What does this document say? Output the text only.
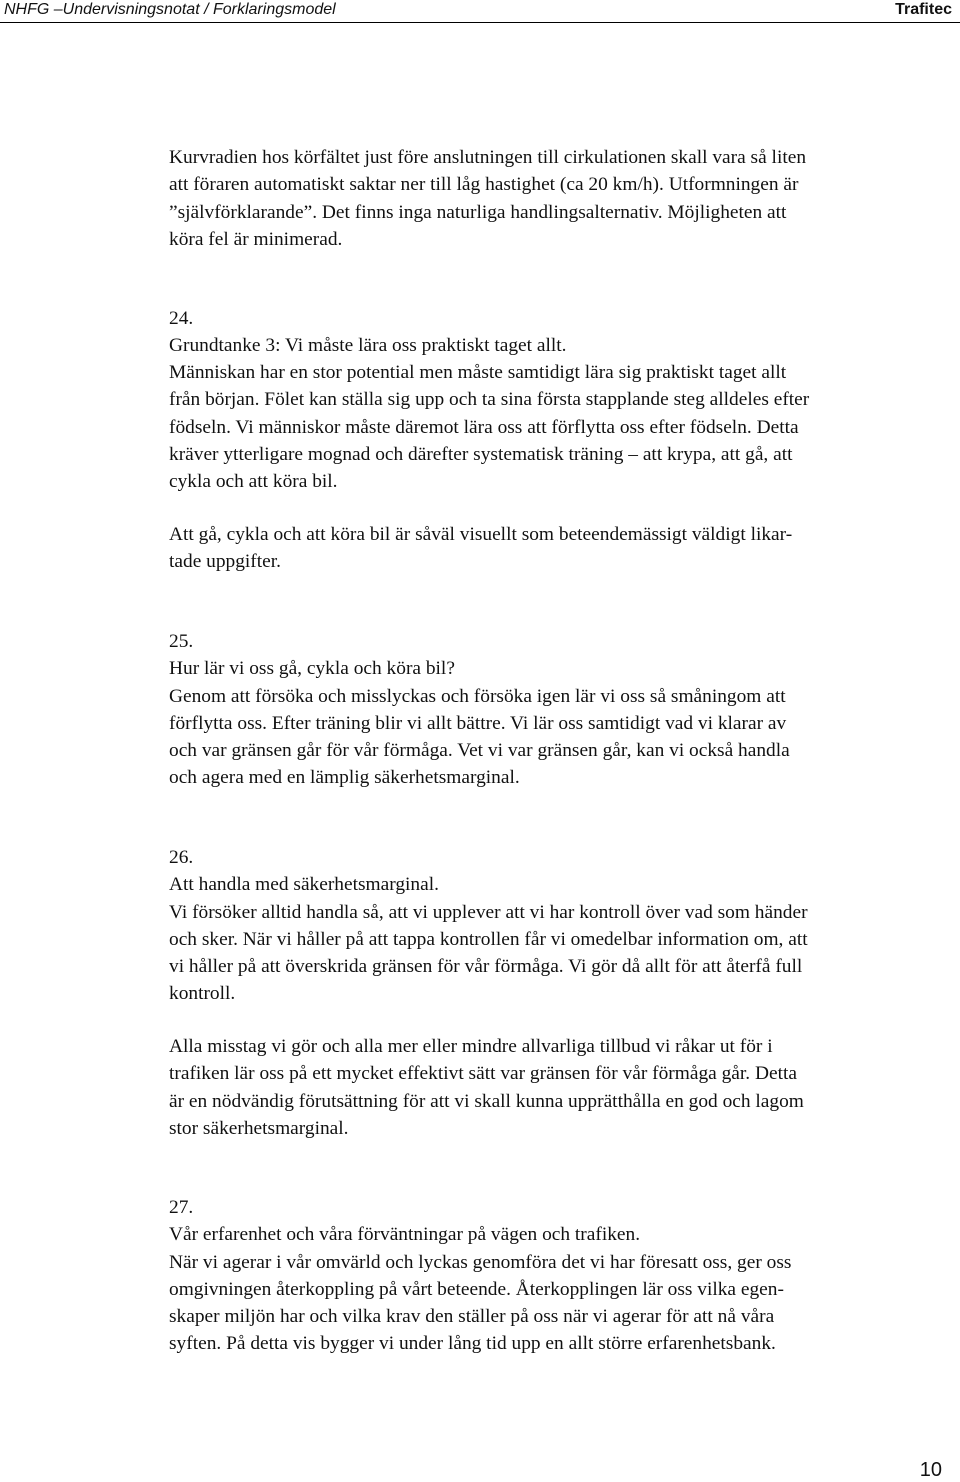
NHFG –Undervisningsnotat / Forklaringsmodel	Trafitec
Kurvradien hos körfältet just före anslutningen till cirkulationen skall vara så liten
att föraren automatiskt saktar ner till låg hastighet (ca 20 km/h). Utformningen är
”självförklarande”. Det finns inga naturliga handlingsalternativ. Möjligheten att
köra fel är minimerad.
24.
Grundtanke 3: Vi måste lära oss praktiskt taget allt.
Människan har en stor potential men måste samtidigt lära sig praktiskt taget allt
från början. Fölet kan ställa sig upp och ta sina första stapplande steg alldeles efter
födseln. Vi människor måste däremot lära oss att förflytta oss efter födseln. Detta
kräver ytterligare mognad och därefter systematisk träning – att krypa, att gå, att
cykla och att köra bil.
Att gå, cykla och att köra bil är såväl visuellt som beteendemässigt väldigt likar-
tade uppgifter.
25.
Hur lär vi oss gå, cykla och köra bil?
Genom att försöka och misslyckas och försöka igen lär vi oss så småningom att
förflytta oss. Efter träning blir vi allt bättre. Vi lär oss samtidigt vad vi klarar av
och var gränsen går för vår förmåga. Vet vi var gränsen går, kan vi också handla
och agera med en lämplig säkerhetsmarginal.
26.
Att handla med säkerhetsmarginal.
Vi försöker alltid handla så, att vi upplever att vi har kontroll över vad som händer
och sker. När vi håller på att tappa kontrollen får vi omedelbar information om, att
vi håller på att överskrida gränsen för vår förmåga. Vi gör då allt för att återfå full
kontroll.
Alla misstag vi gör och alla mer eller mindre allvarliga tillbud vi råkar ut för i
trafiken lär oss på ett mycket effektivt sätt var gränsen för vår förmåga går. Detta
är en nödvändig förutsättning för att vi skall kunna upprätthålla en god och lagom
stor säkerhetsmarginal.
27.
Vår erfarenhet och våra förväntningar på vägen och trafiken.
När vi agerar i vår omvärld och lyckas genomföra det vi har föresatt oss, ger oss
omgivningen återkoppling på vårt beteende. Återkopplingen lär oss vilka egen-
skaper miljön har och vilka krav den ställer på oss när vi agerar för att nå våra
syften. På detta vis bygger vi under lång tid upp en allt större erfarenhetsbank.
10
